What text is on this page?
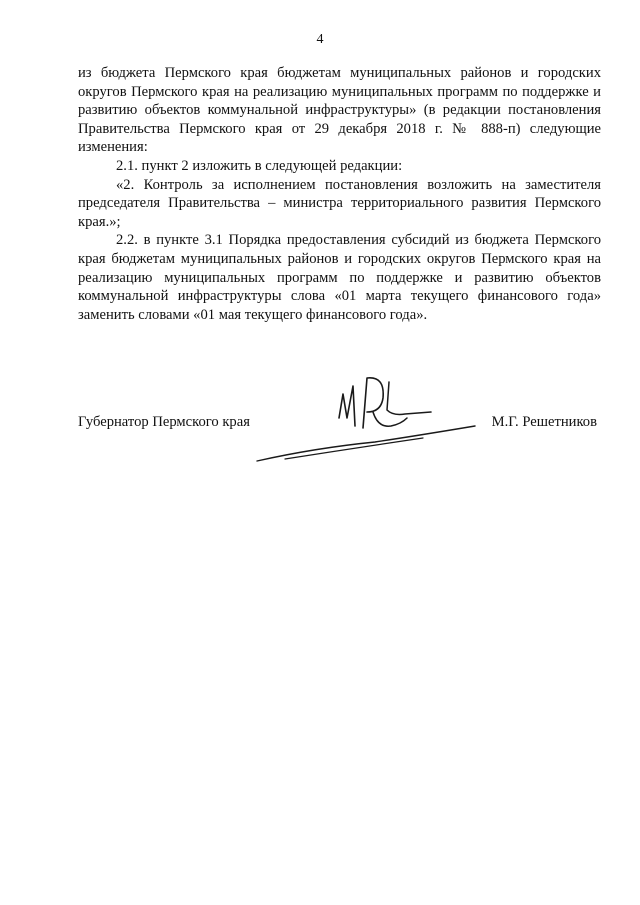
4

из бюджета Пермского края бюджетам муниципальных районов и городских округов Пермского края на реализацию муниципальных программ по поддержке и развитию объектов коммунальной инфраструктуры» (в редакции постановления Правительства Пермского края от 29 декабря 2018 г. № 888-п) следующие изменения:

2.1. пункт 2 изложить в следующей редакции:

«2. Контроль за исполнением постановления возложить на заместителя председателя Правительства – министра территориального развития Пермского края.»;

2.2. в пункте 3.1 Порядка предоставления субсидий из бюджета Пермского края бюджетам муниципальных районов и городских округов Пермского края на реализацию муниципальных программ по поддержке и развитию объектов коммунальной инфраструктуры слова «01 марта текущего финансового года» заменить словами «01 мая текущего финансового года».

Губернатор Пермского края	М.Г. Решетников
